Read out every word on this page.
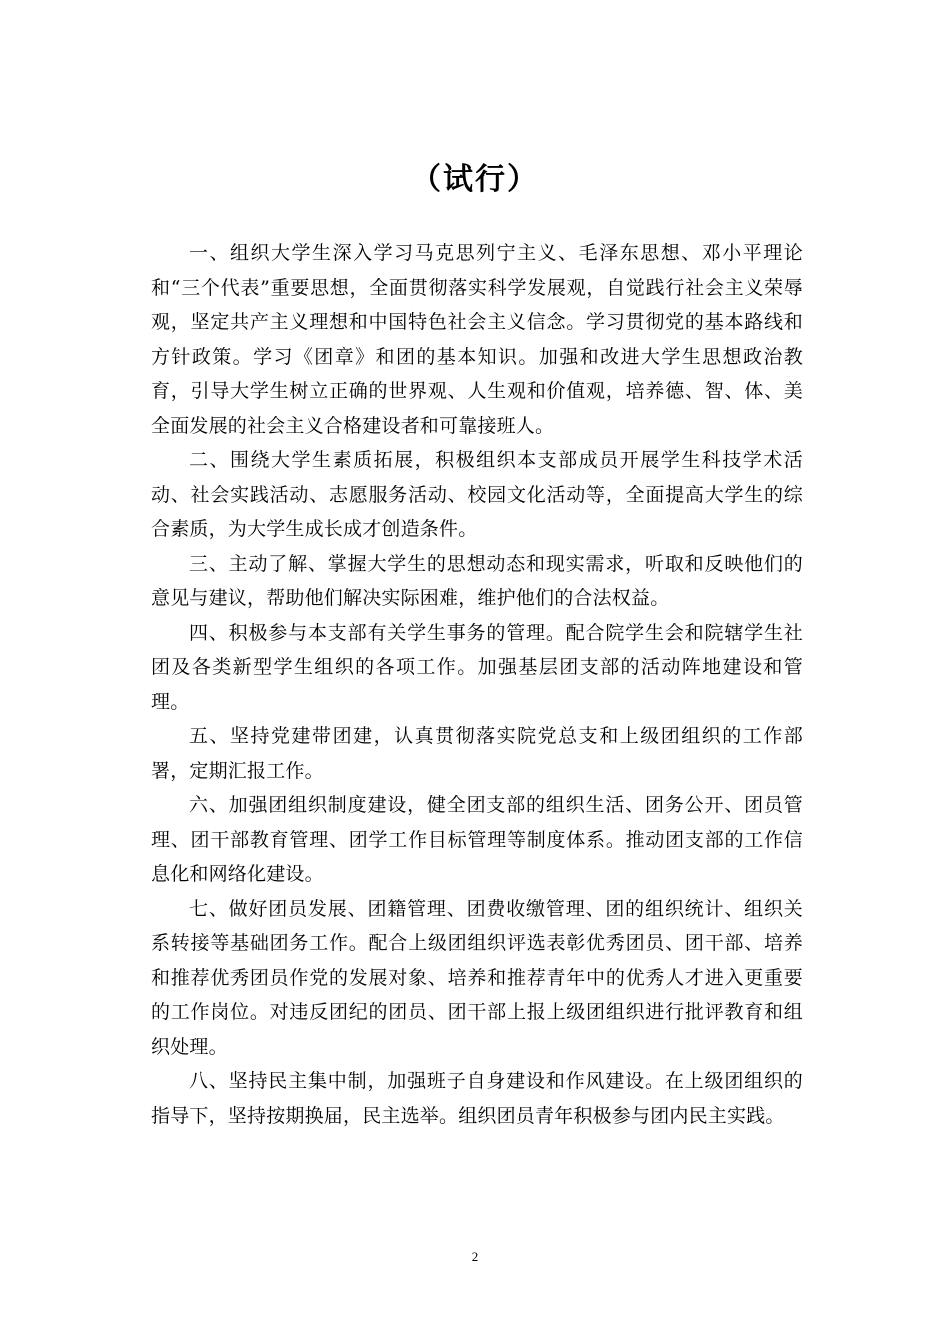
（试行）

一、组织大学生深入学习马克思列宁主义、毛泽东思想、邓小平理论和“三个代表”重要思想，全面贯彻落实科学发展观，自觉践行社会主义荣辱观，坚定共产主义理想和中国特色社会主义信念。学习贯彻党的基本路线和方针政策。学习《团章》和团的基本知识。加强和改进大学生思想政治教育，引导大学生树立正确的世界观、人生观和价值观，培养德、智、体、美全面发展的社会主义合格建设者和可靠接班人。

二、围绕大学生素质拓展，积极组织本支部成员开展学生科技学术活动、社会实践活动、志愿服务活动、校园文化活动等，全面提高大学生的综合素质，为大学生成长成才创造条件。

三、主动了解、掌握大学生的思想动态和现实需求，听取和反映他们的意见与建议，帮助他们解决实际困难，维护他们的合法权益。

四、积极参与本支部有关学生事务的管理。配合院学生会和院辖学生社团及各类新型学生组织的各项工作。加强基层团支部的活动阵地建设和管理。

五、坚持党建带团建，认真贯彻落实院党总支和上级团组织的工作部署，定期汇报工作。

六、加强团组织制度建设，健全团支部的组织生活、团务公开、团员管理、团干部教育管理、团学工作目标管理等制度体系。推动团支部的工作信息化和网络化建设。

七、做好团员发展、团籍管理、团费收缴管理、团的组织统计、组织关系转接等基础团务工作。配合上级团组织评选表彰优秀团员、团干部、培养和推荐优秀团员作党的发展对象、培养和推荐青年中的优秀人才进入更重要的工作岗位。对违反团纪的团员、团干部上报上级团组织进行批评教育和组织处理。

八、坚持民主集中制，加强班子自身建设和作风建设。在上级团组织的指导下，坚持按期换届，民主选举。组织团员青年积极参与团内民主实践。

2
